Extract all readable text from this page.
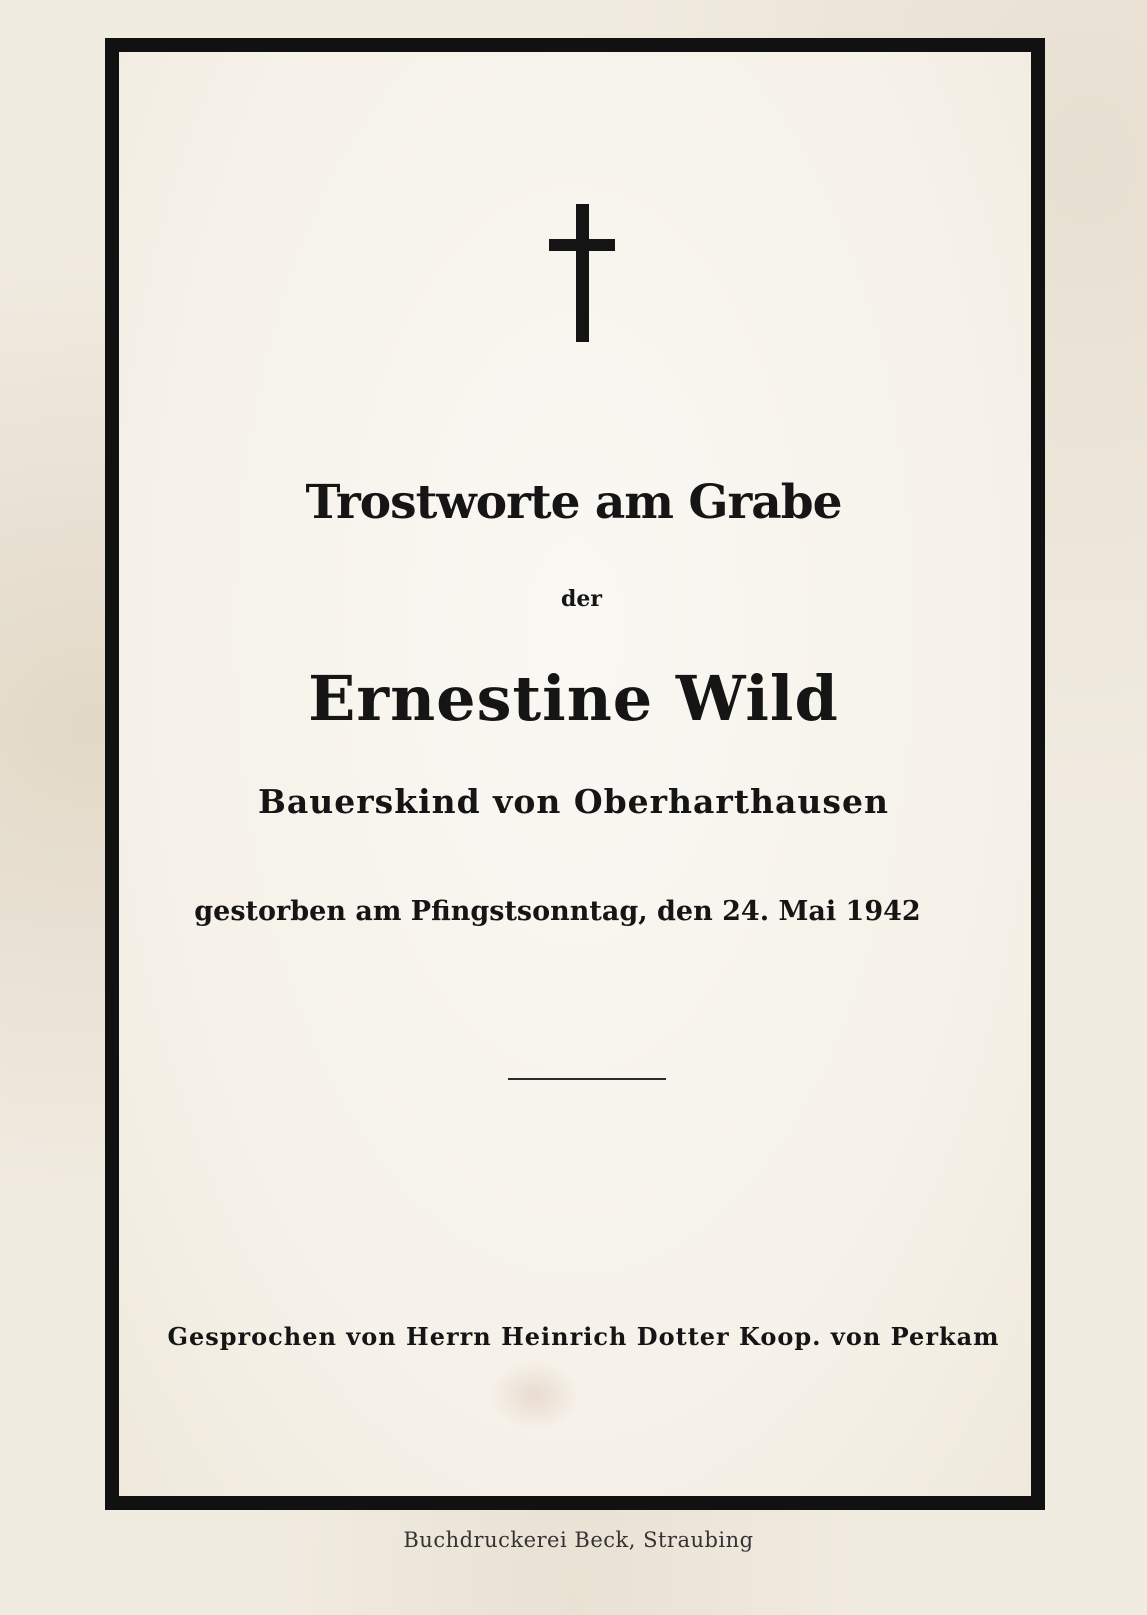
Trostworte am Grabe
der
Ernestine Wild
Bauerskind von Oberharthausen
gestorben am Pfingstsonntag, den 24. Mai 1942
Gesprochen von Herrn Heinrich Dotter Koop. von Perkam
Buchdruckerei Beck, Straubing
